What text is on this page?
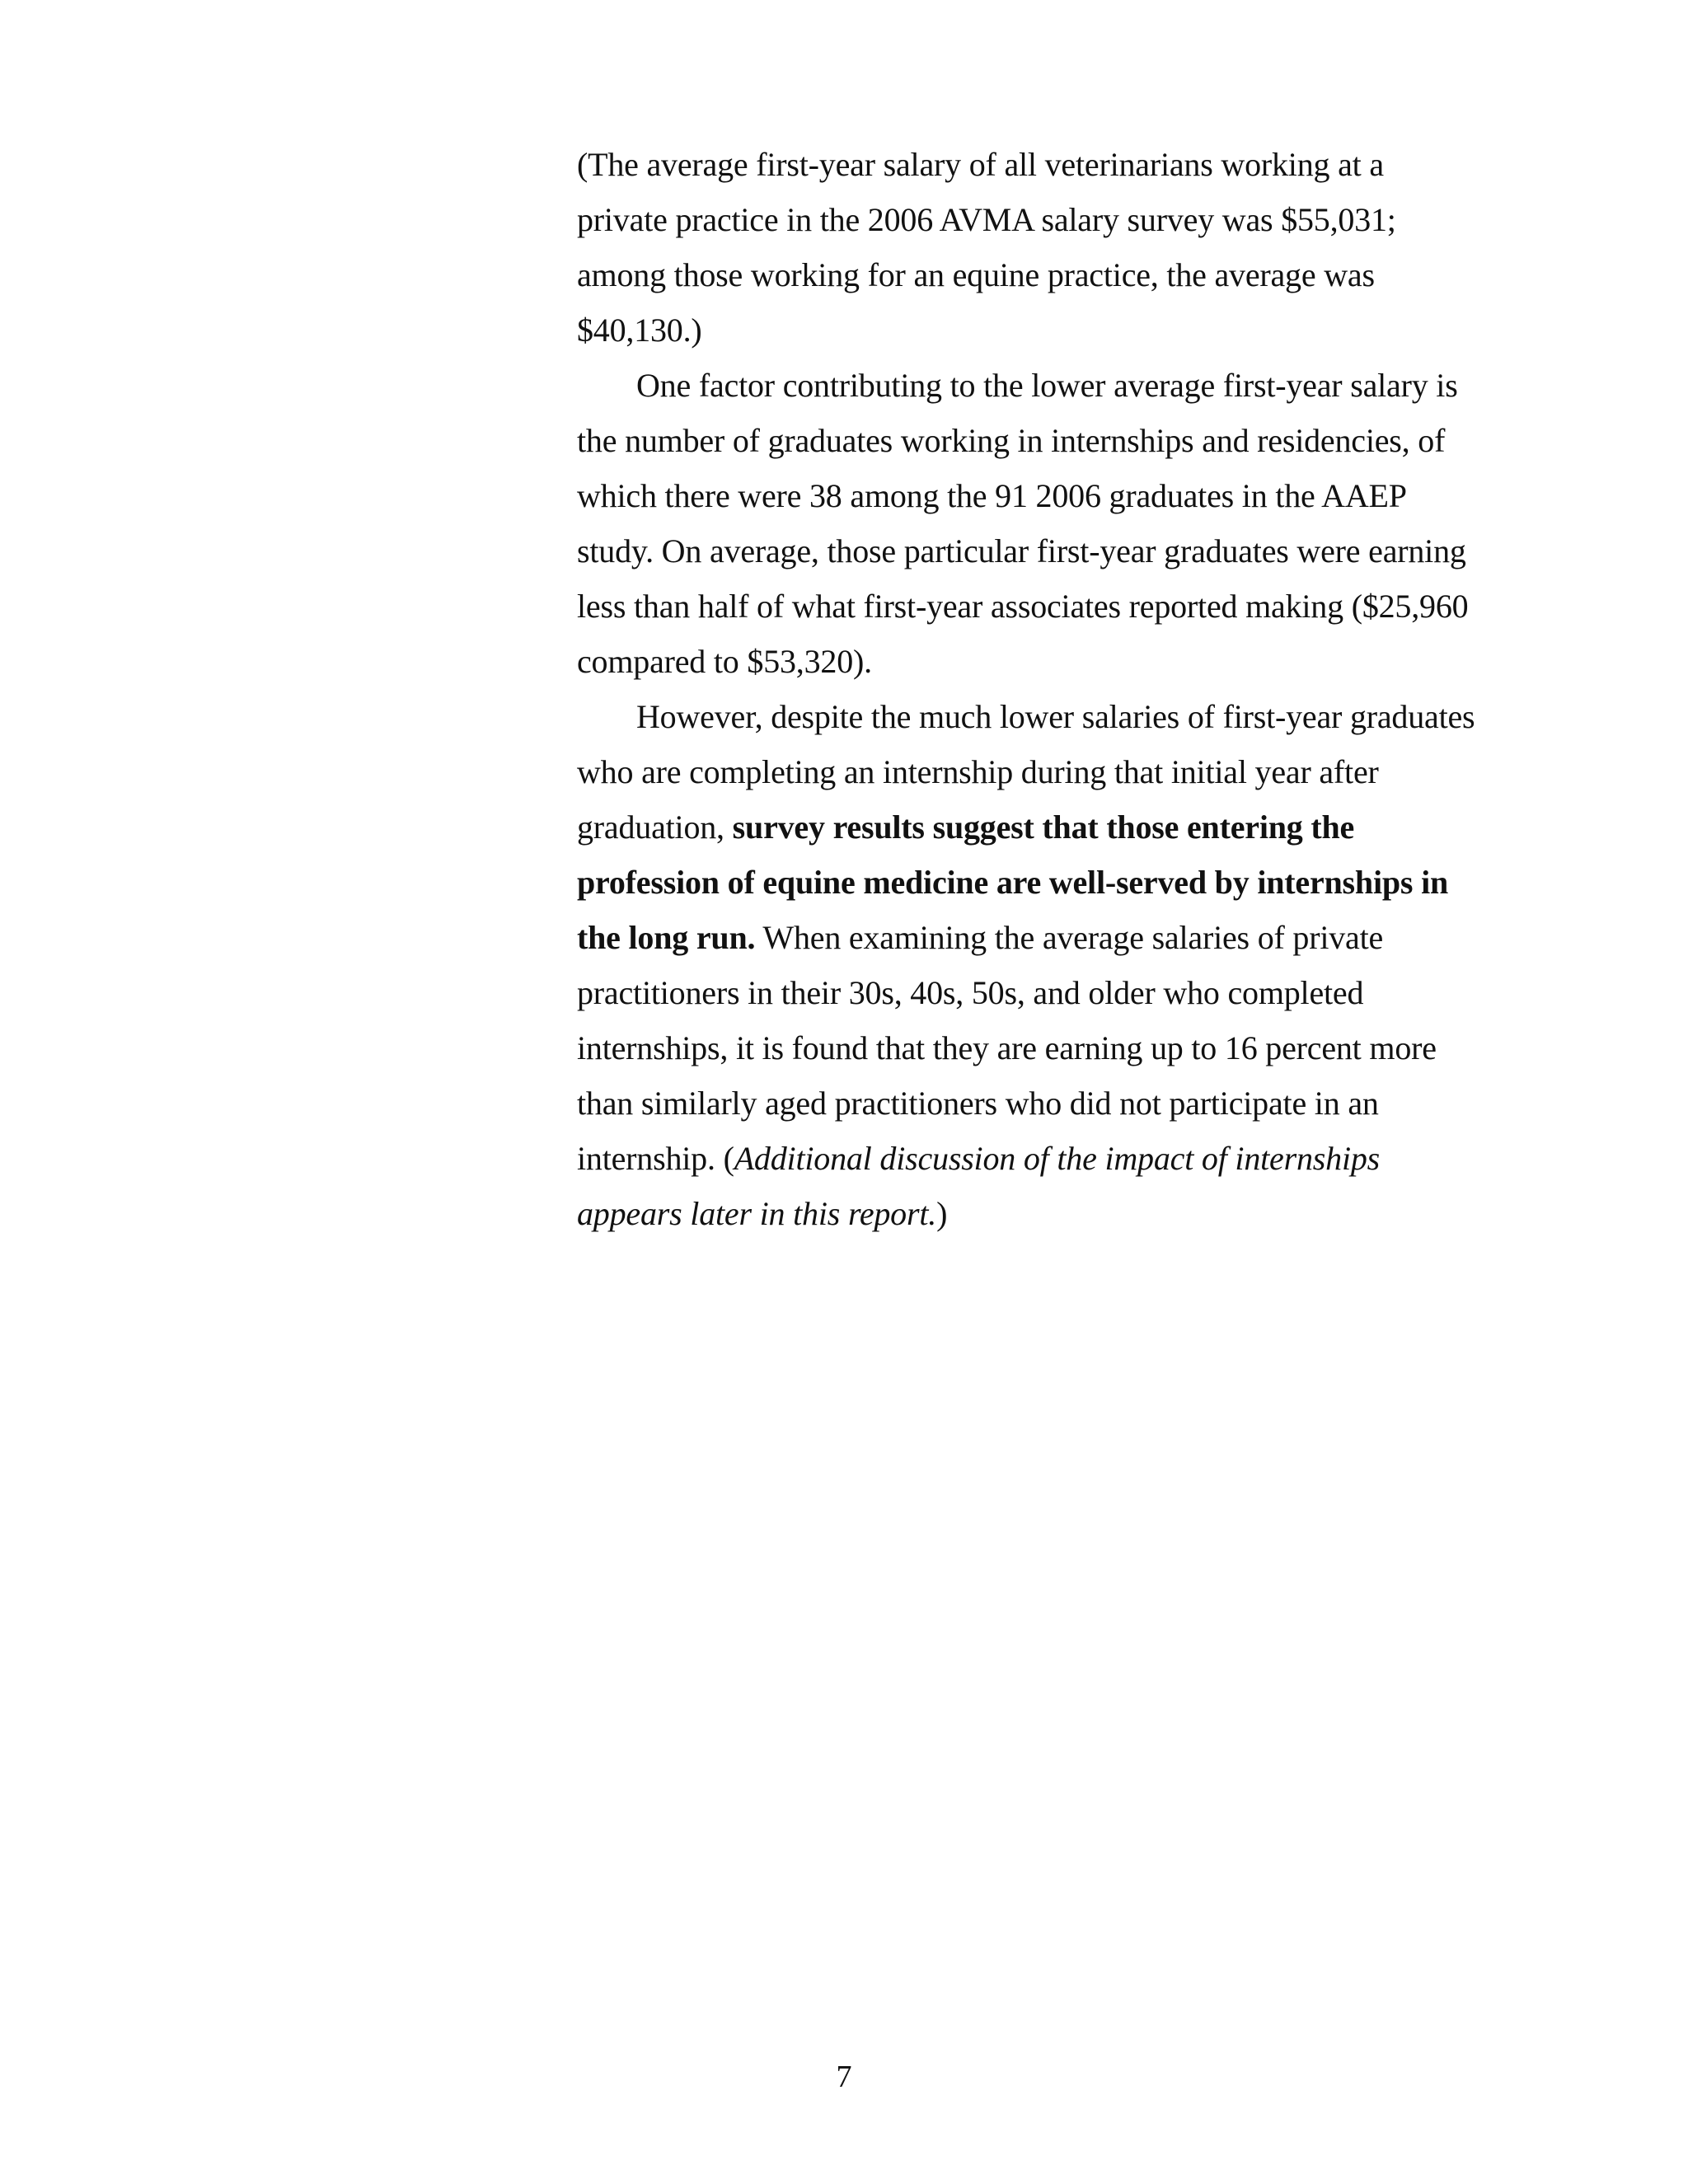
(The average first-year salary of all veterinarians working at a private practice in the 2006 AVMA salary survey was $55,031; among those working for an equine practice, the average was $40,130.)

One factor contributing to the lower average first-year salary is the number of graduates working in internships and residencies, of which there were 38 among the 91 2006 graduates in the AAEP study. On average, those particular first-year graduates were earning less than half of what first-year associates reported making ($25,960 compared to $53,320).

However, despite the much lower salaries of first-year graduates who are completing an internship during that initial year after graduation, survey results suggest that those entering the profession of equine medicine are well-served by internships in the long run. When examining the average salaries of private practitioners in their 30s, 40s, 50s, and older who completed internships, it is found that they are earning up to 16 percent more than similarly aged practitioners who did not participate in an internship. (Additional discussion of the impact of internships appears later in this report.)

7
